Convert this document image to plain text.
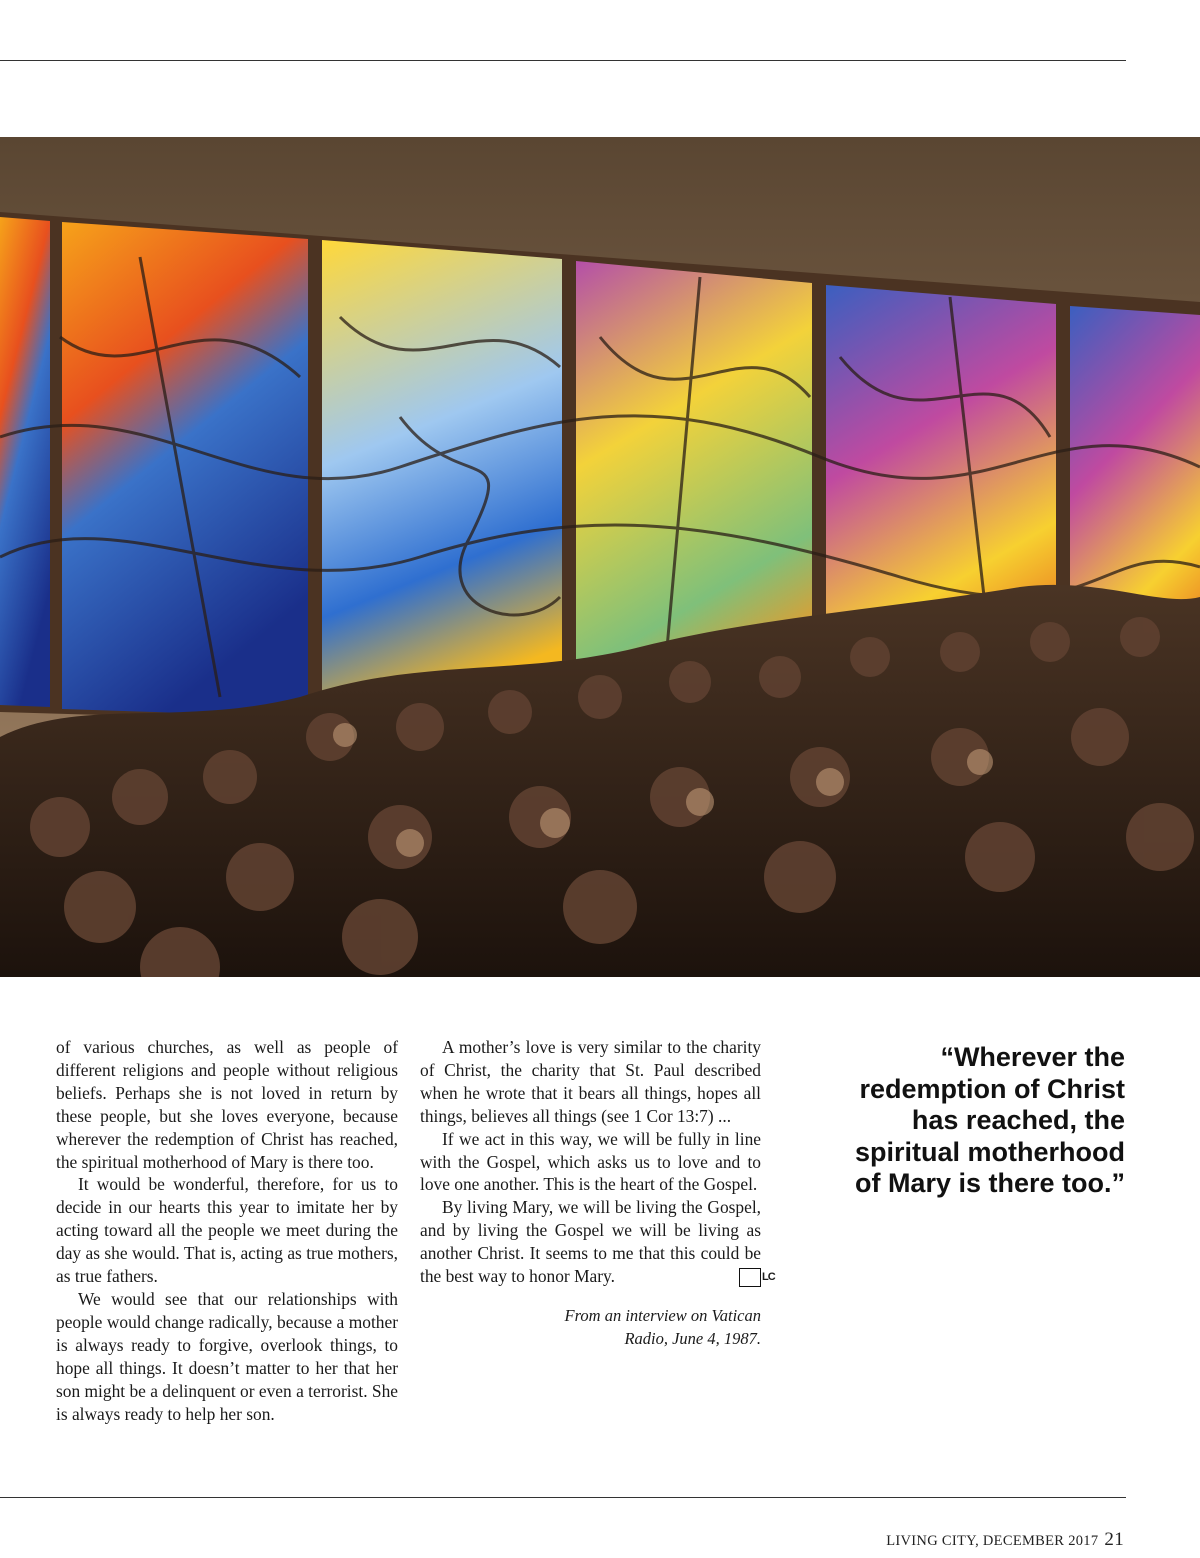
of various churches, as well as people of different religions and people without religious beliefs. Perhaps she is not loved in return by these people, but she loves everyone, because wherever the redemption of Christ has reached, the spiritual motherhood of Mary is there too.

It would be wonderful, therefore, for us to decide in our hearts this year to imitate her by acting toward all the people we meet during the day as she would. That is, acting as true mothers, as true fathers.

We would see that our relationships with people would change radically, because a mother is always ready to forgive, overlook things, to hope all things. It doesn’t matter to her that her son might be a delinquent or even a terrorist. She is always ready to help her son.

A mother’s love is very similar to the charity of Christ, the charity that St. Paul described when he wrote that it bears all things, hopes all things, believes all things (see 1 Cor 13:7) ...

If we act in this way, we will be fully in line with the Gospel, which asks us to love and to love one another. This is the heart of the Gospel.

By living Mary, we will be living the Gospel, and by living the Gospel we will be living as another Christ. It seems to me that this could be the best way to honor Mary.	LC

From an interview on Vatican
Radio, June 4, 1987.
“Wherever the
redemption of Christ
has reached, the
spiritual motherhood
of Mary is there too.”
LIVING CITY, DECEMBER 2017 21
